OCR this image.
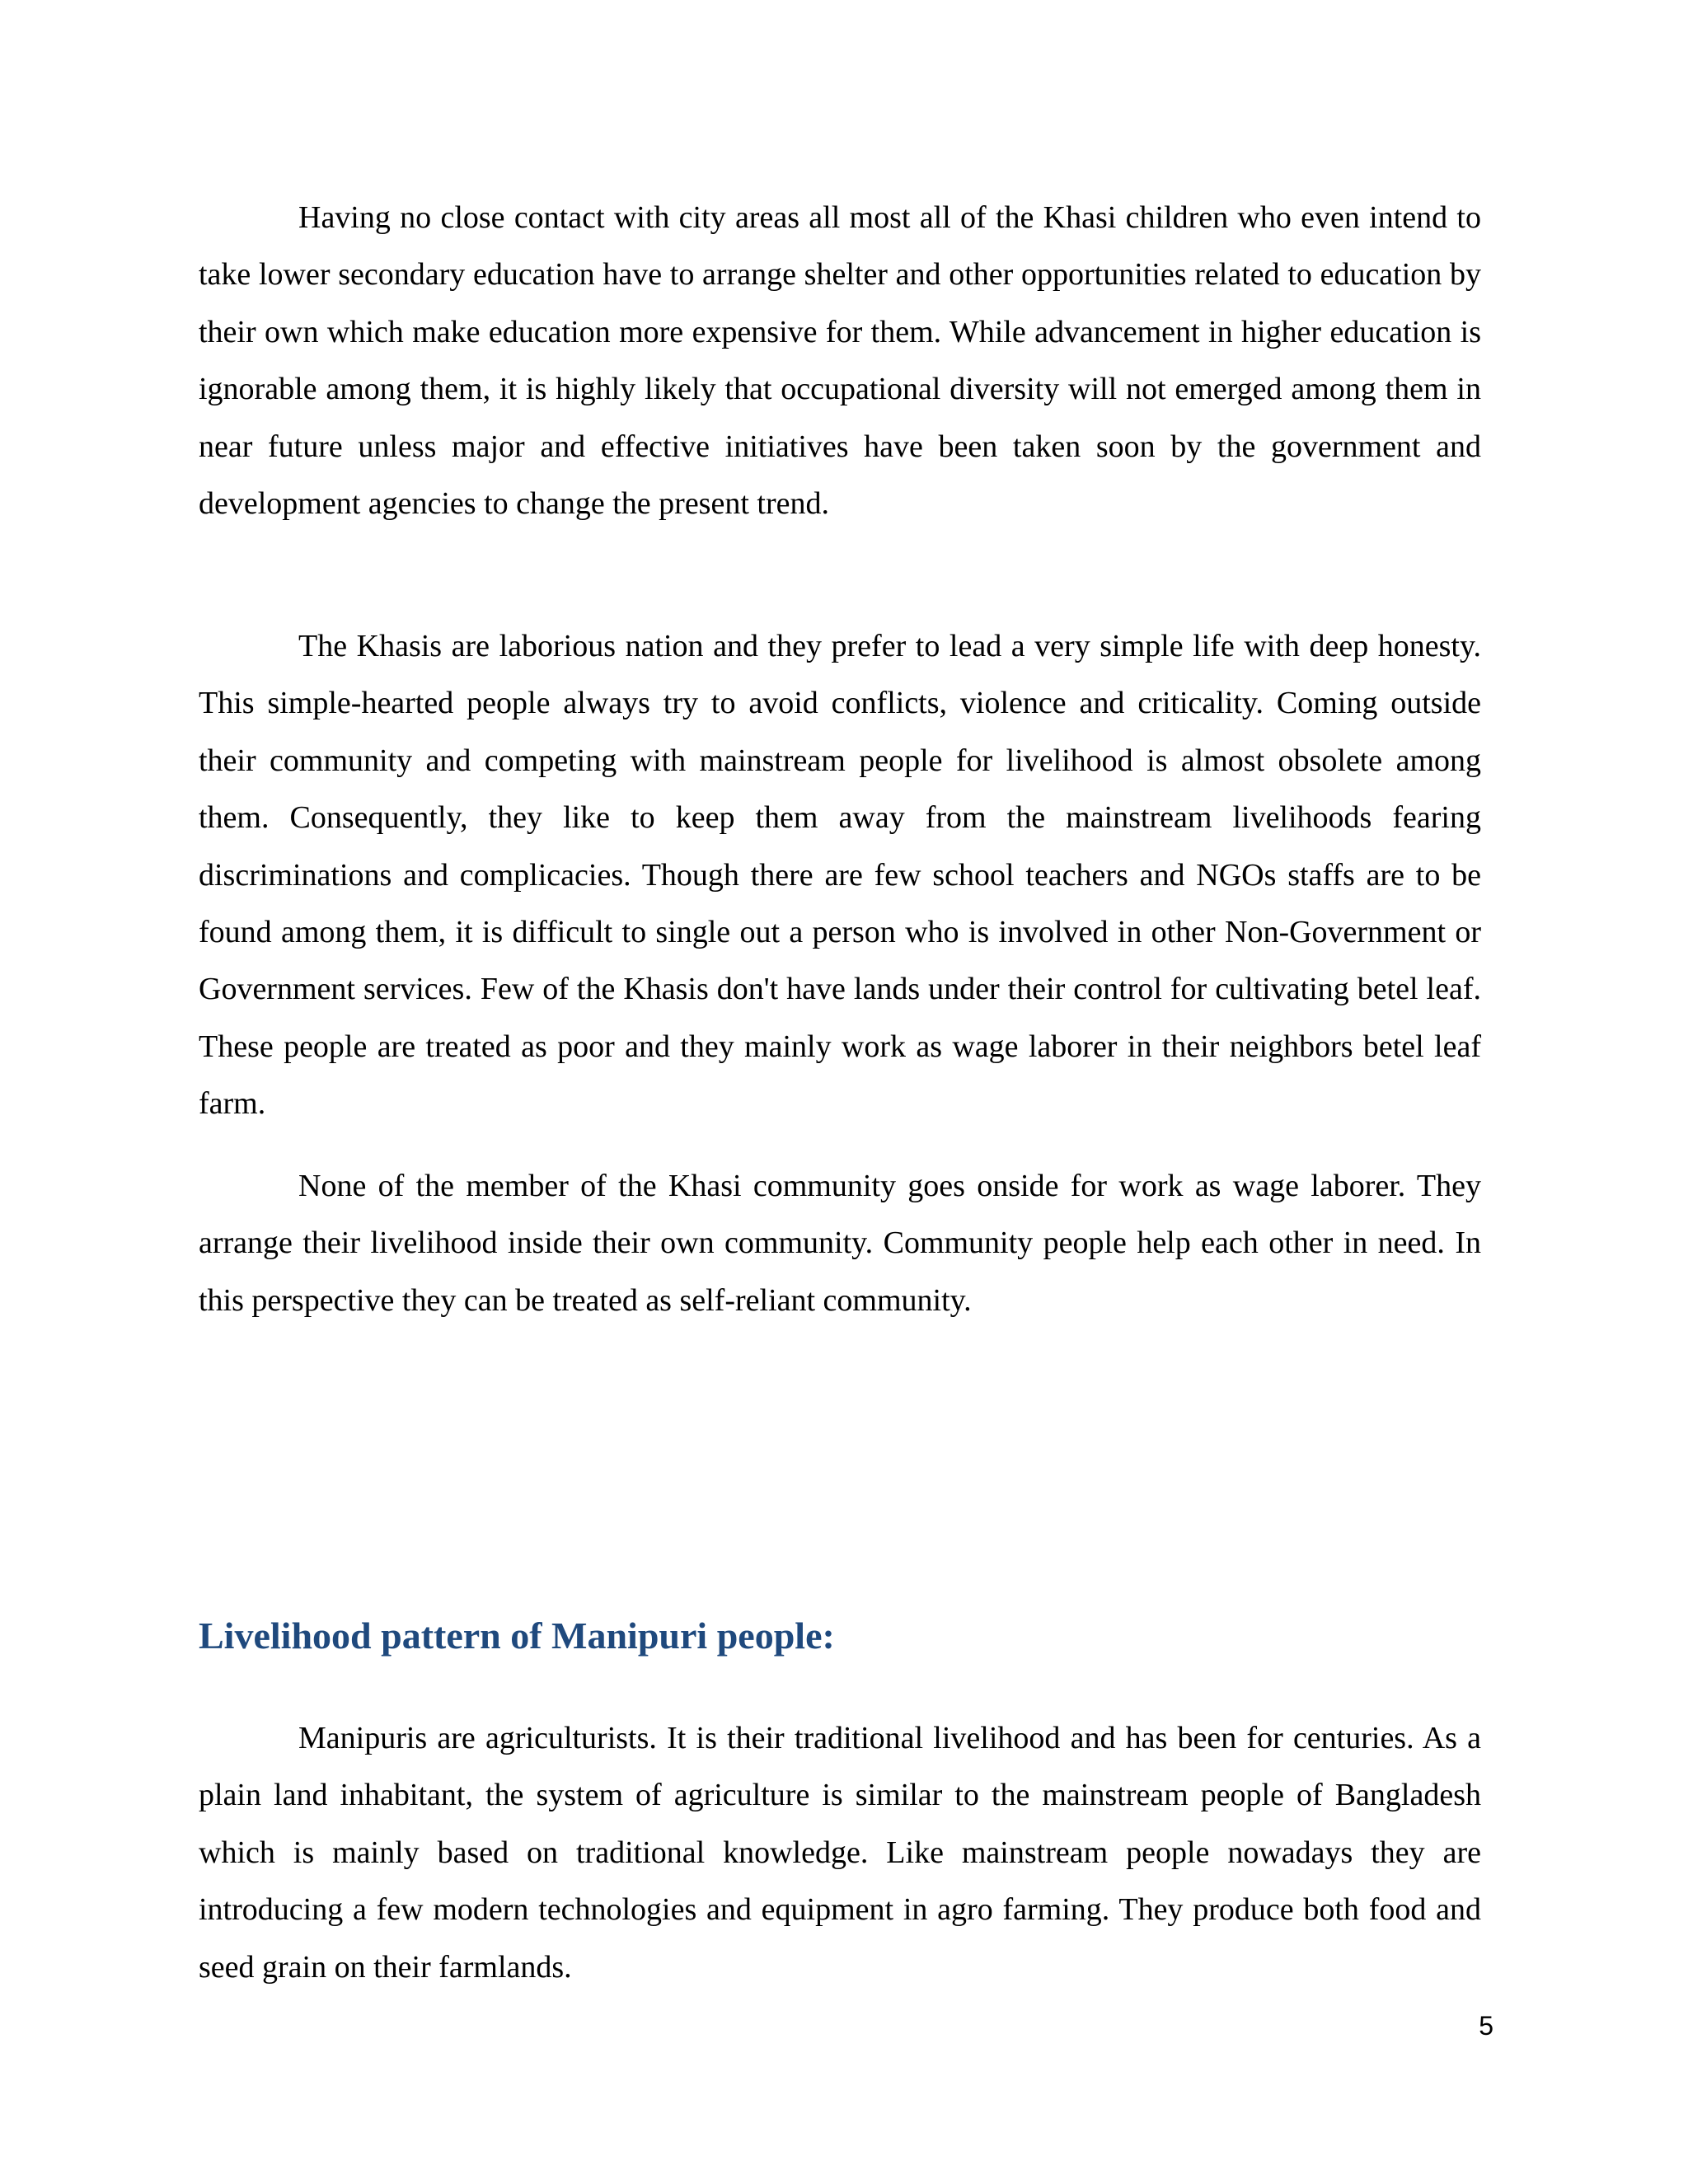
Having no close contact with city areas all most all of the Khasi children who even intend to take lower secondary education have to arrange shelter and other opportunities related to education by their own which make education more expensive for them. While advancement in higher education is ignorable among them, it is highly likely that occupational diversity will not emerged among them in near future unless major and effective initiatives have been taken soon by the government and development agencies to change the present trend.

The Khasis are laborious nation and they prefer to lead a very simple life with deep honesty. This simple-hearted people always try to avoid conflicts, violence and criticality. Coming outside their community and competing with mainstream people for livelihood is almost obsolete among them. Consequently, they like to keep them away from the mainstream livelihoods fearing discriminations and complicacies. Though there are few school teachers and NGOs staffs are to be found among them, it is difficult to single out a person who is involved in other Non-Government or Government services. Few of the Khasis don't have lands under their control for cultivating betel leaf. These people are treated as poor and they mainly work as wage laborer in their neighbors betel leaf farm.

None of the member of the Khasi community goes onside for work as wage laborer. They arrange their livelihood inside their own community. Community people help each other in need. In this perspective they can be treated as self-reliant community.

Livelihood pattern of Manipuri people:

Manipuris are agriculturists. It is their traditional livelihood and has been for centuries. As a plain land inhabitant, the system of agriculture is similar to the mainstream people of Bangladesh which is mainly based on traditional knowledge. Like mainstream people nowadays they are introducing a few modern technologies and equipment in agro farming. They produce both food and seed grain on their farmlands.

5
